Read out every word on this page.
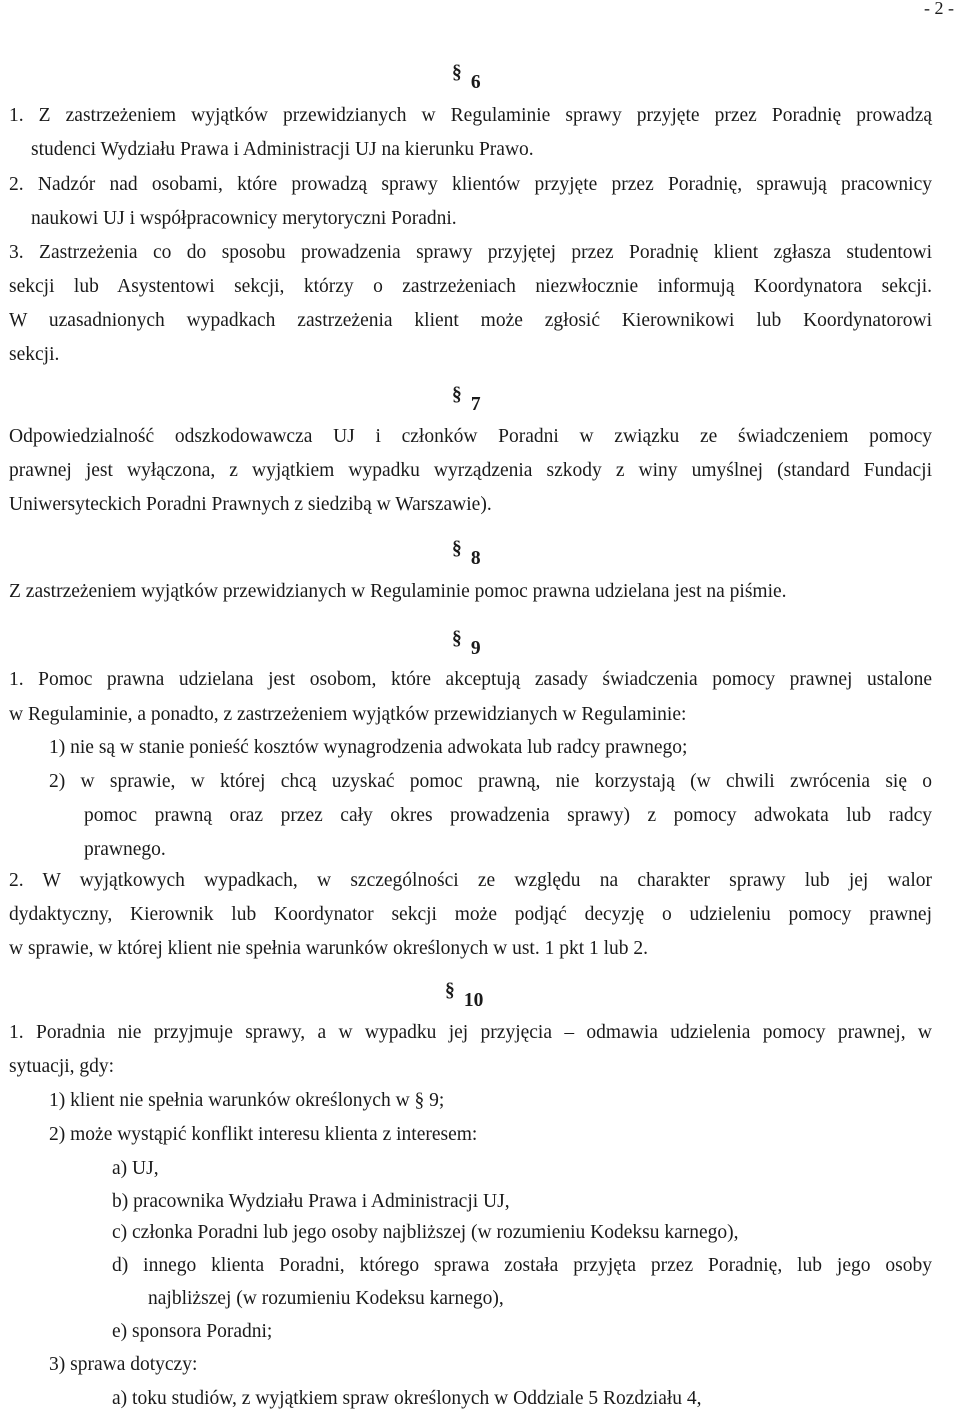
- 2 -
§ 6
§ 7
§ 8
§ 9
§ 10
1. Z zastrzeżeniem wyjątków przewidzianych w Regulaminie sprawy przyjęte przez Poradnię prowadzą
studenci Wydziału Prawa i Administracji UJ na kierunku Prawo.
2. Nadzór nad osobami, które prowadzą sprawy klientów przyjęte przez Poradnię, sprawują pracownicy
naukowi UJ i współpracownicy merytoryczni Poradni.
3. Zastrzeżenia co do sposobu prowadzenia sprawy przyjętej przez Poradnię klient zgłasza studentowi
sekcji lub Asystentowi sekcji, którzy o zastrzeżeniach niezwłocznie informują Koordynatora sekcji.
W uzasadnionych wypadkach zastrzeżenia klient może zgłosić Kierownikowi lub Koordynatorowi
sekcji.
Odpowiedzialność odszkodowawcza UJ i członków Poradni w związku ze świadczeniem pomocy
prawnej jest wyłączona, z wyjątkiem wypadku wyrządzenia szkody z winy umyślnej (standard Fundacji
Uniwersyteckich Poradni Prawnych z siedzibą w Warszawie).
Z zastrzeżeniem wyjątków przewidzianych w Regulaminie pomoc prawna udzielana jest na piśmie.
1. Pomoc prawna udzielana jest osobom, które akceptują zasady świadczenia pomocy prawnej ustalone
w Regulaminie, a ponadto, z zastrzeżeniem wyjątków przewidzianych w Regulaminie:
1) nie są w stanie ponieść kosztów wynagrodzenia adwokata lub radcy prawnego;
2) w sprawie, w której chcą uzyskać pomoc prawną, nie korzystają (w chwili zwrócenia się o
pomoc prawną oraz przez cały okres prowadzenia sprawy) z pomocy adwokata lub radcy
prawnego.
2. W wyjątkowych wypadkach, w szczególności ze względu na charakter sprawy lub jej walor
dydaktyczny, Kierownik lub Koordynator sekcji może podjąć decyzję o udzieleniu pomocy prawnej
w sprawie, w której klient nie spełnia warunków określonych w ust. 1 pkt 1 lub 2.
1. Poradnia nie przyjmuje sprawy, a w wypadku jej przyjęcia – odmawia udzielenia pomocy prawnej, w
sytuacji, gdy:
1) klient nie spełnia warunków określonych w § 9;
2) może wystąpić konflikt interesu klienta z interesem:
a) UJ,
b) pracownika Wydziału Prawa i Administracji UJ,
c) członka Poradni lub jego osoby najbliższej (w rozumieniu Kodeksu karnego),
d) innego klienta Poradni, którego sprawa została przyjęta przez Poradnię, lub jego osoby
najbliższej (w rozumieniu Kodeksu karnego),
e) sponsora Poradni;
3) sprawa dotyczy:
a) toku studiów, z wyjątkiem spraw określonych w Oddziale 5 Rozdziału 4,
